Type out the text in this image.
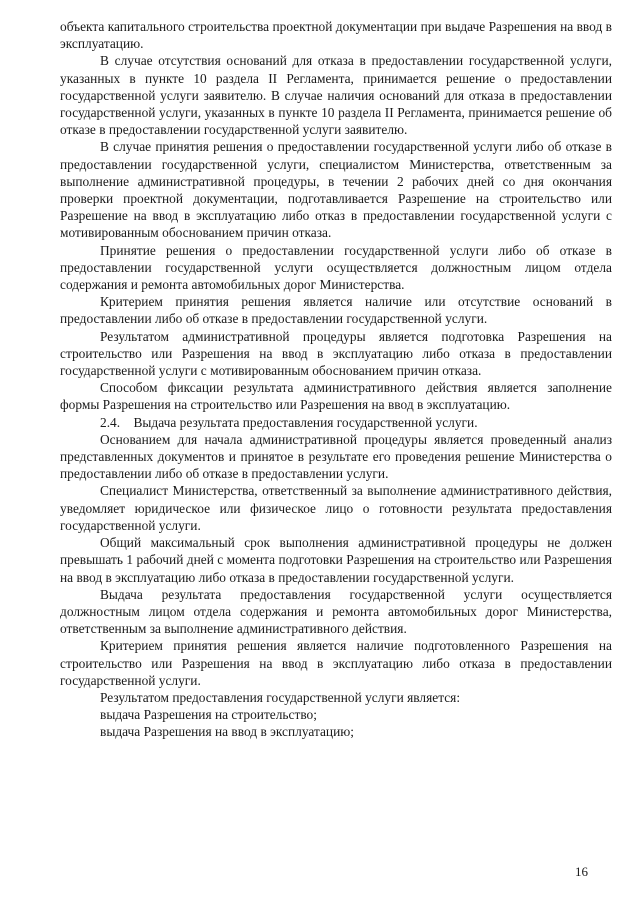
объекта капитального строительства проектной документации при выдаче Разрешения на ввод в эксплуатацию.

В случае отсутствия оснований для отказа в предоставлении государственной услуги, указанных в пункте 10 раздела II Регламента, принимается решение о предоставлении государственной услуги заявителю. В случае наличия оснований для отказа в предоставлении государственной услуги, указанных в пункте 10 раздела II Регламента, принимается решение об отказе в предоставлении государственной услуги заявителю.

В случае принятия решения о предоставлении государственной услуги либо об отказе в предоставлении государственной услуги, специалистом Министерства, ответственным за выполнение административной процедуры, в течении 2 рабочих дней со дня окончания проверки проектной документации, подготавливается Разрешение на строительство или Разрешение на ввод в эксплуатацию либо отказ в предоставлении государственной услуги с мотивированным обоснованием причин отказа.

Принятие решения о предоставлении государственной услуги либо об отказе в предоставлении государственной услуги осуществляется должностным лицом отдела содержания и ремонта автомобильных дорог Министерства.

Критерием принятия решения является наличие или отсутствие оснований в предоставлении либо об отказе в предоставлении государственной услуги.

Результатом административной процедуры является подготовка Разрешения на строительство или Разрешения на ввод в эксплуатацию либо отказа в предоставлении государственной услуги с мотивированным обоснованием причин отказа.

Способом фиксации результата административного действия является заполнение формы Разрешения на строительство или Разрешения на ввод в эксплуатацию.

2.4.    Выдача результата предоставления государственной услуги.

Основанием для начала административной процедуры является проведенный анализ представленных документов и принятое в результате его проведения решение Министерства о предоставлении либо об отказе в предоставлении услуги.

Специалист Министерства, ответственный за выполнение административного действия, уведомляет юридическое или физическое лицо о готовности результата предоставления государственной услуги.

Общий максимальный срок выполнения административной процедуры не должен превышать 1 рабочий дней с момента подготовки Разрешения на строительство или Разрешения на ввод в эксплуатацию либо отказа в предоставлении государственной услуги.

Выдача результата предоставления государственной услуги осуществляется должностным лицом отдела содержания и ремонта автомобильных дорог Министерства, ответственным за выполнение административного действия.

Критерием принятия решения является наличие подготовленного Разрешения на строительство или Разрешения на ввод в эксплуатацию либо отказа в предоставлении государственной услуги.

Результатом предоставления государственной услуги является:

выдача Разрешения на строительство;

выдача Разрешения на ввод в эксплуатацию;

16
